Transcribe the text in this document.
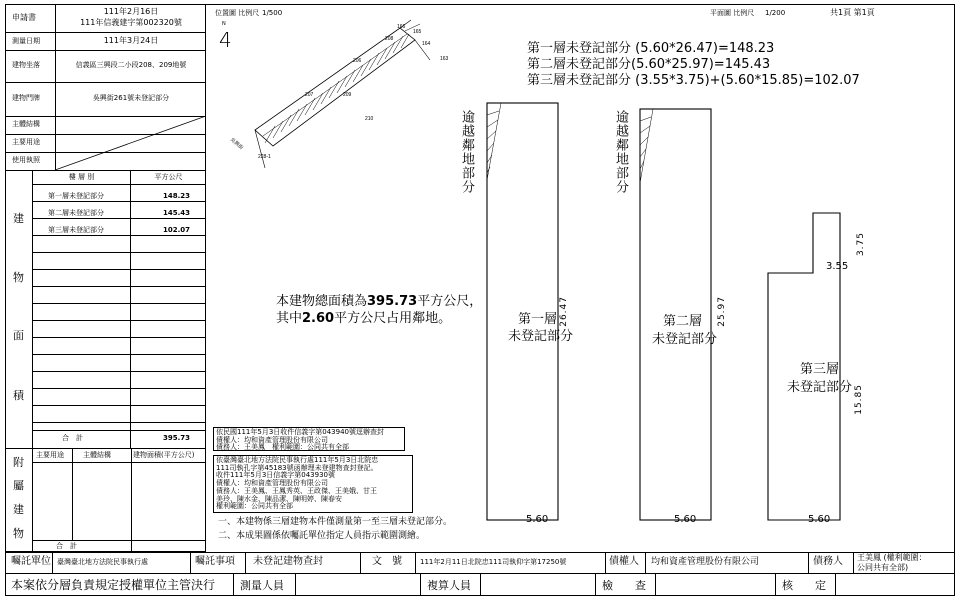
申請書
111年2月16日
111年信義建字第002320號
測量日期	111年3月24日
建物坐落	信義區三興段二小段208、209地號
建物門牌	吳興街261號未登記部分
主體結構
主要用途
使用執照
樓 層 別	平方公尺
第一層未登記部分	148.23
第二層未登記部分	145.43
第三層未登記部分	102.07
建
物
面
積
合　計	395.73
主要用途	主體結構	建物面積(平方公尺)
附
屬
建
物
合　計
位置圖 比例尺 1/500
4
N	166
165
164
163
208
206
207	209
210
228-1
吳興街
平面圖 比例尺 1/200	共1頁 第1頁
第一層未登記部分 (5.60*26.47)=148.23
第二層未登記部分(5.60*25.97)=145.43
第三層未登記部分 (3.55*3.75)+(5.60*15.85)=102.07
逾越鄰地部分	逾越鄰地部分
第一層
未登記部分
26.47
5.60
第二層
未登記部分
25.97
5.60
第三層
未登記部分 15.85
5.60
3.55
3.75
本建物總面積為395.73平方公尺，
其中2.60平方公尺占用鄰地。
依民國111年5月3日收件信義字第043940號逕辦查封
債權人：均和資產管理股份有限公司
債務人：王美鳳　權利範圍：公同共有全部
依臺灣臺北地方法院民事執行處111年5月3日北院忠
111司執孔字第45183號函辦理未登建物查封登記。
收件111年5月3日信義字第043930號
債權人：均和資產管理股份有限公司
債務人：王美鳳、王鳳秀英、王政傑、王美娥、甘王
美玲、陳水金、陳品潔、陳明婷、陳春安
權利範圍：公同共有全部
一、本建物係三層建物本件僅測量第一至三層未登記部分。
二、本成果圖係依囑託單位指定人員指示範圍測繪。
囑託單位 臺灣臺北地方法院民事執行處	囑託事項 未登記建物查封	文　號	111年2月11日北院忠111司執仰字第17250號	債權人 均和資產管理股份有限公司	債務人 王美鳳 (權利範圍：
公同共有全部)
本案依分層負責規定授權單位主管決行 測量人員	複算人員	檢　　查	核　　定
